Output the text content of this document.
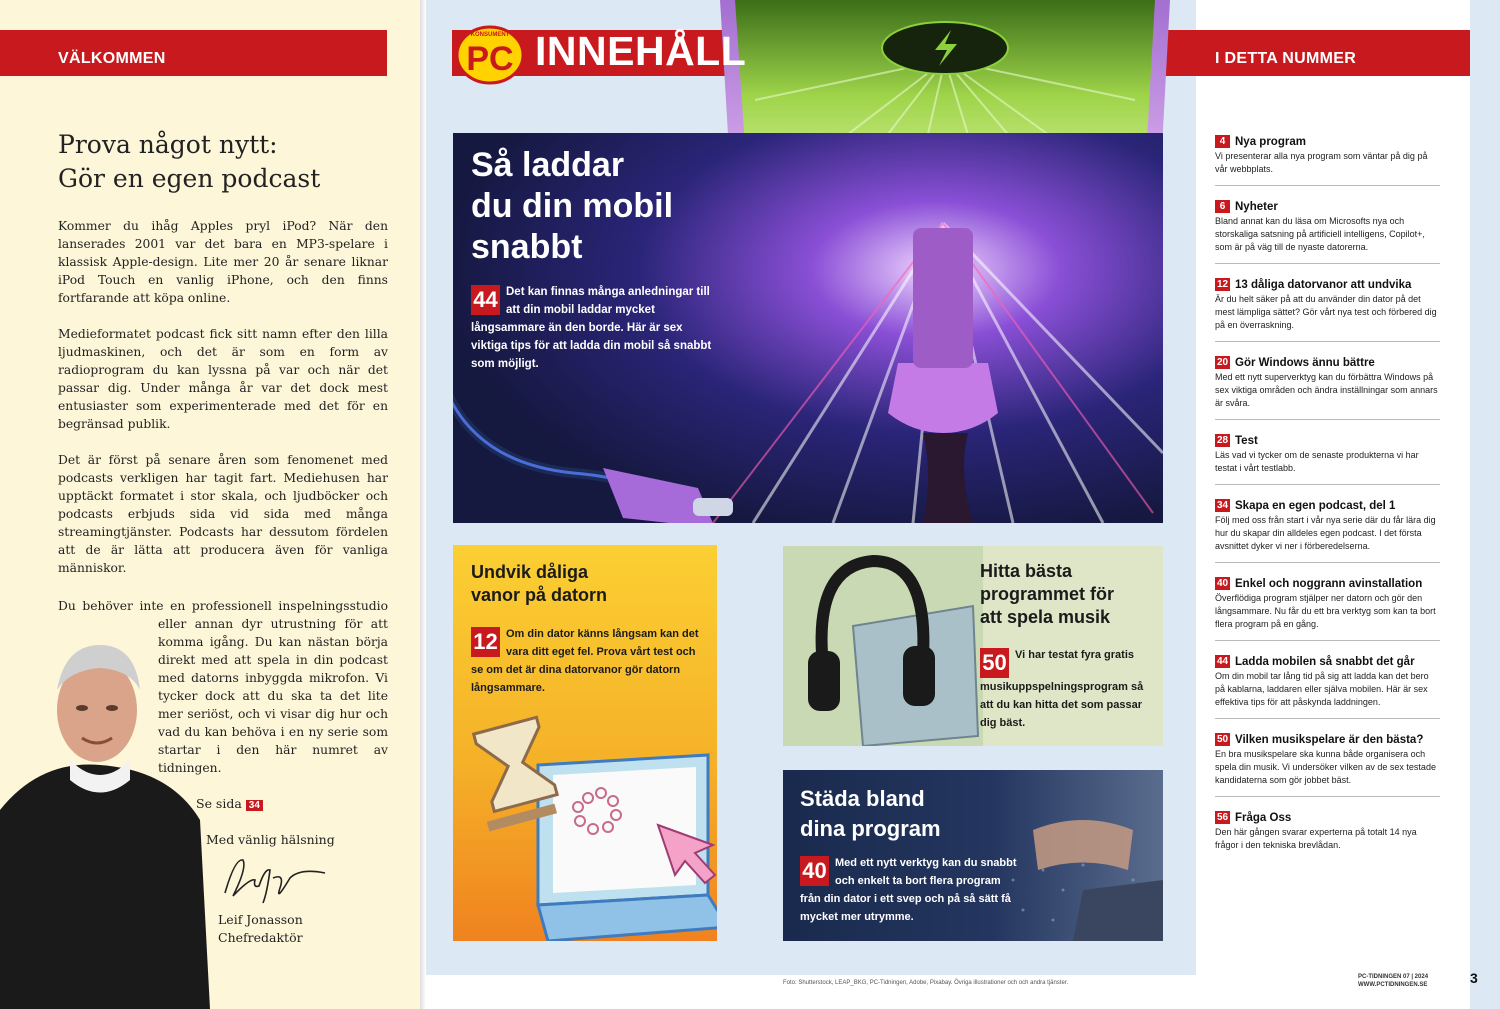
VÄLKOMMEN
Prova något nytt:
Gör en egen podcast

Kommer du ihåg Apples pryl iPod? När den lanserades 2001 var det bara en MP3-spelare i klassisk Apple-design. Lite mer 20 år senare liknar iPod Touch en vanlig iPhone, och den finns fortfarande att köpa online.

Medieformatet podcast fick sitt namn efter den lilla ljudmaskinen, och det är som en form av radioprogram du kan lyssna på var och när det passar dig. Under många år var det dock mest entusiaster som experimenterade med det för en begränsad publik.

Det är först på senare åren som fenomenet med podcasts verkligen har tagit fart. Mediehusen har upptäckt formatet i stor skala, och ljudböcker och podcasts erbjuds sida vid sida med många streamingtjänster. Podcasts har dessutom fördelen att de är lätta att producera även för vanliga människor.

Du behöver inte en professionell inspelningsstudio eller annan dyr utrustning för att komma igång. Du kan nästan börja direkt med att spela in din podcast med datorns inbyggda mikrofon. Vi tycker dock att du ska ta det lite mer seriöst, och vi visar dig hur och vad du kan behöva i en ny serie som startar i den här numret av tidningen.
Se sida 34
Med vänlig hälsning
Leif Jonasson
Chefredaktör
KONSUMENT
PC INNEHÅLL
Så laddar
du din mobil
snabbt
44 Det kan finnas många anledningar till att din mobil laddar mycket långsammare än den borde. Här är sex viktiga tips för att ladda din mobil så snabbt som möjligt.
Undvik dåliga
vanor på datorn
12 Om din dator känns långsam kan det vara ditt eget fel. Prova vårt test och se om det är dina datorvanor gör datorn långsammare.
Hitta bästa
programmet för
att spela musik
50 Vi har testat fyra gratis musikuppspelningsprogram så att du kan hitta det som passar dig bäst.
Städa bland
dina program
40 Med ett nytt verktyg kan du snabbt och enkelt ta bort flera program från din dator i ett svep och på så sätt få mycket mer utrymme.
I DETTA NUMMER
4 Nya program
Vi presenterar alla nya program som väntar på dig på vår webbplats.
6 Nyheter
Bland annat kan du läsa om Microsofts nya och storskaliga satsning på artificiell intelligens, Copilot+, som är på väg till de nyaste datorerna.
12 13 dåliga datorvanor att undvika
Är du helt säker på att du använder din dator på det mest lämpliga sättet? Gör vårt nya test och förbered dig på en överraskning.
20 Gör Windows ännu bättre
Med ett nytt superverktyg kan du förbättra Windows på sex viktiga områden och ändra inställningar som annars är svåra.
28 Test
Läs vad vi tycker om de senaste produkterna vi har testat i vårt testlabb.
34 Skapa en egen podcast, del 1
Följ med oss från start i vår nya serie där du får lära dig hur du skapar din alldeles egen podcast. I det första avsnittet dyker vi ner i förberedelserna.
40 Enkel och noggrann avinstallation
Överflödiga program stjälper ner datorn och gör den långsammare. Nu får du ett bra verktyg som kan ta bort flera program på en gång.
44 Ladda mobilen så snabbt det går
Om din mobil tar lång tid på sig att ladda kan det bero på kablarna, laddaren eller själva mobilen. Här är sex effektiva tips för att påskynda laddningen.
50 Vilken musikspelare är den bästa?
En bra musikspelare ska kunna både organisera och spela din musik. Vi undersöker vilken av de sex testade kandidaterna som gör jobbet bäst.
56 Fråga Oss
Den här gången svarar experterna på totalt 14 nya frågor i den tekniska brevlådan.
Foto: Shutterstock, LEAP_BKG, PC-Tidningen, Adobe, Pixabay. Övriga illustrationer och och andra tjänster.
PC-TIDNINGEN 07 | 2024
WWW.PCTIDNINGEN.SE	3
